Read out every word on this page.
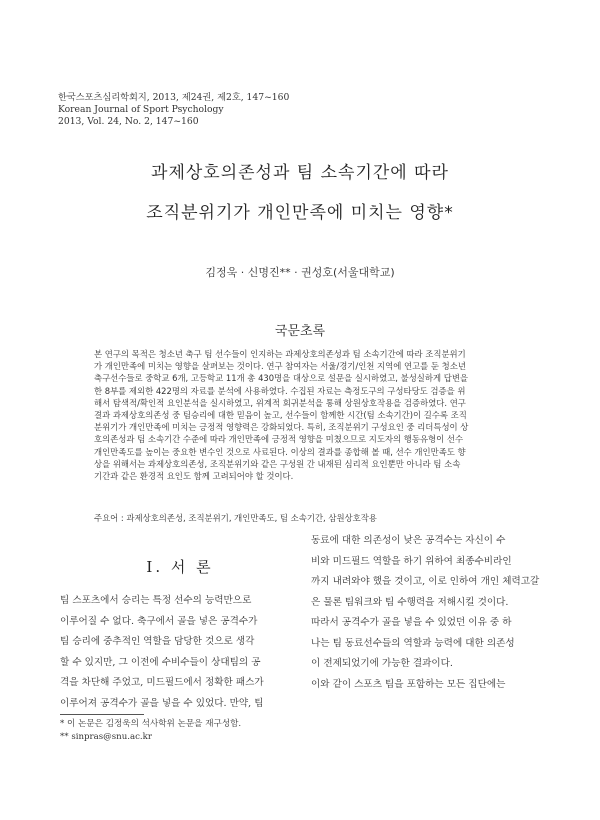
한국스포츠심리학회지, 2013, 제24권, 제2호, 147~160
Korean Journal of Sport Psychology
2013, Vol. 24, No. 2, 147~160
과제상호의존성과 팀 소속기간에 따라
조직분위기가 개인만족에 미치는 영향*
김정욱 · 신명진** · 권성호(서울대학교)
국문초록
본 연구의 목적은 청소년 축구 팀 선수들이 인지하는 과제상호의존성과 팀 소속기간에 따라 조직분위기
가 개인만족에 미치는 영향을 살펴보는 것이다. 연구 참여자는 서울/경기/인천 지역에 연고를 둔 청소년
축구선수들로 중학교 6개, 고등학교 11개 총 430명을 대상으로 설문을 실시하였고, 불성실하게 답변을
한 8부를 제외한 422명의 자료를 분석에 사용하였다. 수집된 자료는 측정도구의 구성타당도 검증을 위
해서 탐색적/확인적 요인분석을 실시하였고, 위계적 회귀분석을 통해 상원상호작용을 검증하였다. 연구
결과 과제상호의존성 중 팀승리에 대한 믿음이 높고, 선수들이 함께한 시간(팀 소속기간)이 길수록 조직
분위기가 개인만족에 미치는 긍정적 영향력은 강화되었다. 특히, 조직분위기 구성요인 중 리더특성이 상
호의존성과 팀 소속기간 수준에 따라 개인만족에 긍정적 영향을 미쳤으므로 지도자의 행동유형이 선수
개인만족도를 높이는 중요한 변수인 것으로 사료된다. 이상의 결과를 종합해 볼 때, 선수 개인만족도 향
상을 위해서는 과제상호의존성, 조직분위기와 같은 구성원 간 내재된 심리적 요인뿐만 아니라 팀 소속
기간과 같은 환경적 요인도 함께 고려되어야 할 것이다.
주요어 : 과제상호의존성, 조직분위기, 개인만족도, 팀 소속기간, 삼원상호작용
Ⅰ. 서 론
팀 스포츠에서 승리는 특정 선수의 능력만으로
이루어질 수 없다. 축구에서 골을 넣은 공격수가
팀 승리에 중추적인 역할을 담당한 것으로 생각
할 수 있지만, 그 이전에 수비수들이 상대팀의 공
격을 차단해 주었고, 미드필드에서 정확한 패스가
이루어져 공격수가 골을 넣을 수 있었다. 만약, 팀
동료에 대한 의존성이 낮은 공격수는 자신이 수
비와 미드필드 역할을 하기 위하여 최종수비라인
까지 내려와야 했을 것이고, 이로 인하여 개인 체력고갈
은 물론 팀워크와 팀 수행력을 저해시킬 것이다.
따라서 공격수가 골을 넣을 수 있었던 이유 중 하
나는 팀 동료선수들의 역할과 능력에 대한 의존성
이 전제되었기에 가능한 결과이다.
이와 같이 스포츠 팀을 포함하는 모든 집단에는
* 이 논문은 김정욱의 석사학위 논문을 재구성함.
** sinpras@snu.ac.kr
